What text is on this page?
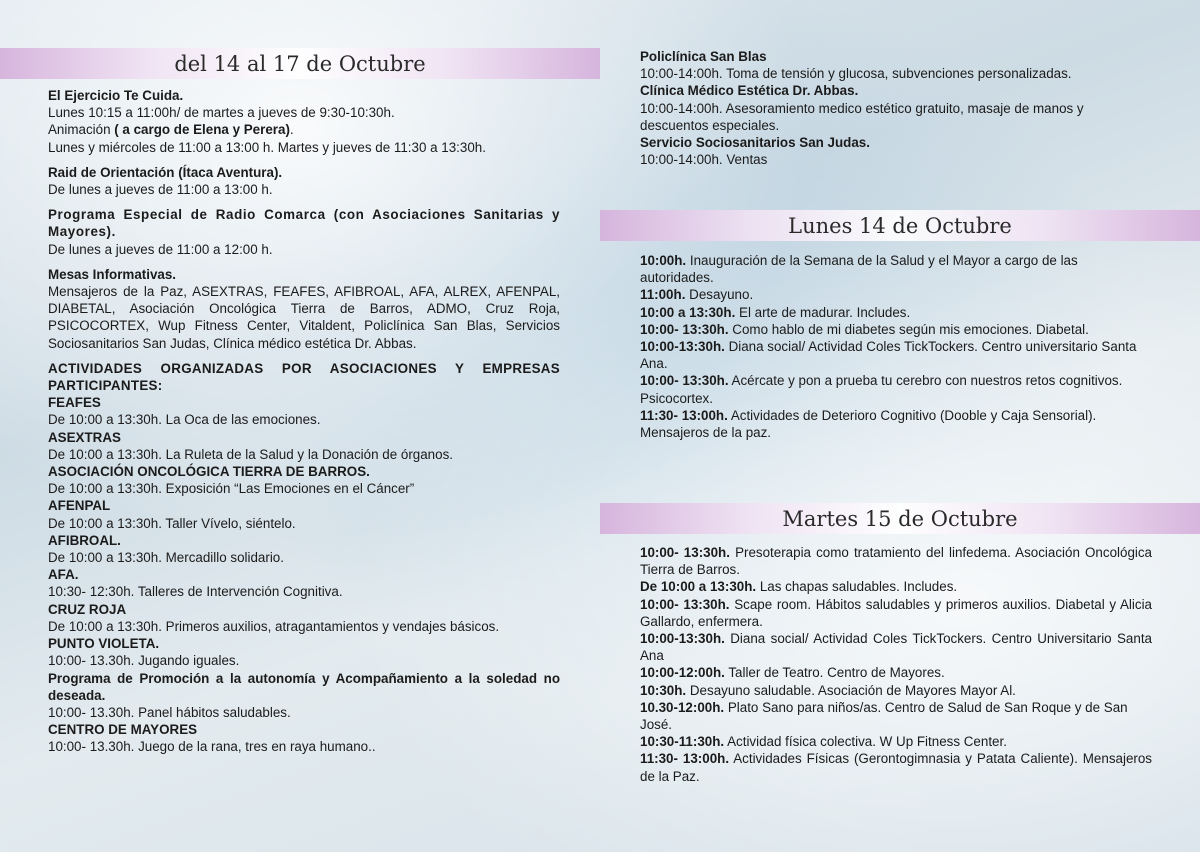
del 14 al 17 de Octubre
Lunes 14 de Octubre
Martes 15 de Octubre

El Ejercicio Te Cuida.

Lunes 10:15 a 11:00h/ de martes a jueves de 9:30-10:30h.

Animación ( a cargo de Elena y Perera).

Lunes y miércoles de 11:00 a 13:00 h. Martes y jueves de 11:30 a 13:30h.

Raid de Orientación (Ítaca Aventura).

De lunes a jueves de 11:00 a 13:00 h.

Programa Especial de Radio Comarca (con Asociaciones Sanitarias y Mayores).

De lunes a jueves de 11:00 a 12:00 h.

Mesas Informativas.

Mensajeros de la Paz, ASEXTRAS, FEAFES, AFIBROAL, AFA, ALREX, AFENPAL, DIABETAL, Asociación Oncológica Tierra de Barros, ADMO, Cruz Roja, PSICOCORTEX, Wup Fitness Center, Vitaldent, Policlínica San Blas, Servicios Sociosanitarios San Judas, Clínica médico estética Dr. Abbas.

ACTIVIDADES ORGANIZADAS POR ASOCIACIONES Y EMPRESAS PARTICIPANTES:

FEAFES

De 10:00 a 13:30h. La Oca de las emociones.

ASEXTRAS

De 10:00 a 13:30h. La Ruleta de la Salud y la Donación de órganos.

ASOCIACIÓN ONCOLÓGICA TIERRA DE BARROS.

De 10:00 a 13:30h. Exposición “Las Emociones en el Cáncer”

AFENPAL

De 10:00 a 13:30h. Taller Vívelo, siéntelo.

AFIBROAL.

De 10:00 a 13:30h. Mercadillo solidario.

AFA.

10:30- 12:30h. Talleres de Intervención Cognitiva.

CRUZ ROJA

De 10:00 a 13:30h. Primeros auxilios, atragantamientos y vendajes básicos.

PUNTO VIOLETA.

10:00- 13.30h. Jugando iguales.

Programa de Promoción a la autonomía y Acompañamiento a la soledad no deseada.

10:00- 13.30h. Panel hábitos saludables.

CENTRO DE MAYORES

10:00- 13.30h. Juego de la rana, tres en raya humano..

Policlínica San Blas

10:00-14:00h. Toma de tensión y glucosa, subvenciones personalizadas.

Clínica Médico Estética Dr. Abbas.

10:00-14:00h. Asesoramiento medico estético gratuito, masaje de manos y descuentos especiales.

Servicio Sociosanitarios San Judas.

10:00-14:00h. Ventas

10:00h. Inauguración de la Semana de la Salud y el Mayor a cargo de las autoridades.

11:00h. Desayuno.

10:00 a 13:30h. El arte de madurar. Includes.

10:00- 13:30h. Como hablo de mi diabetes según mis emociones. Diabetal.

10:00-13:30h. Diana social/ Actividad Coles TickTockers. Centro universitario Santa Ana.

10:00- 13:30h. Acércate y pon a prueba tu cerebro con nuestros retos cognitivos. Psicocortex.

11:30- 13:00h. Actividades de Deterioro Cognitivo (Dooble y Caja Sensorial). Mensajeros de la paz.

10:00- 13:30h. Presoterapia como tratamiento del linfedema. Asociación Oncológica Tierra de Barros.

De 10:00 a 13:30h. Las chapas saludables. Includes.

10:00- 13:30h. Scape room. Hábitos saludables y primeros auxilios. Diabetal y Alicia Gallardo, enfermera.

10:00-13:30h. Diana social/ Actividad Coles TickTockers. Centro Universitario Santa Ana

10:00-12:00h. Taller de Teatro. Centro de Mayores.

10:30h. Desayuno saludable. Asociación de Mayores Mayor Al.

10.30-12:00h. Plato Sano para niños/as. Centro de Salud de San Roque y de San José.

10:30-11:30h. Actividad física colectiva. W Up Fitness Center.

11:30- 13:00h. Actividades Físicas (Gerontogimnasia y Patata Caliente). Mensajeros de la Paz.
